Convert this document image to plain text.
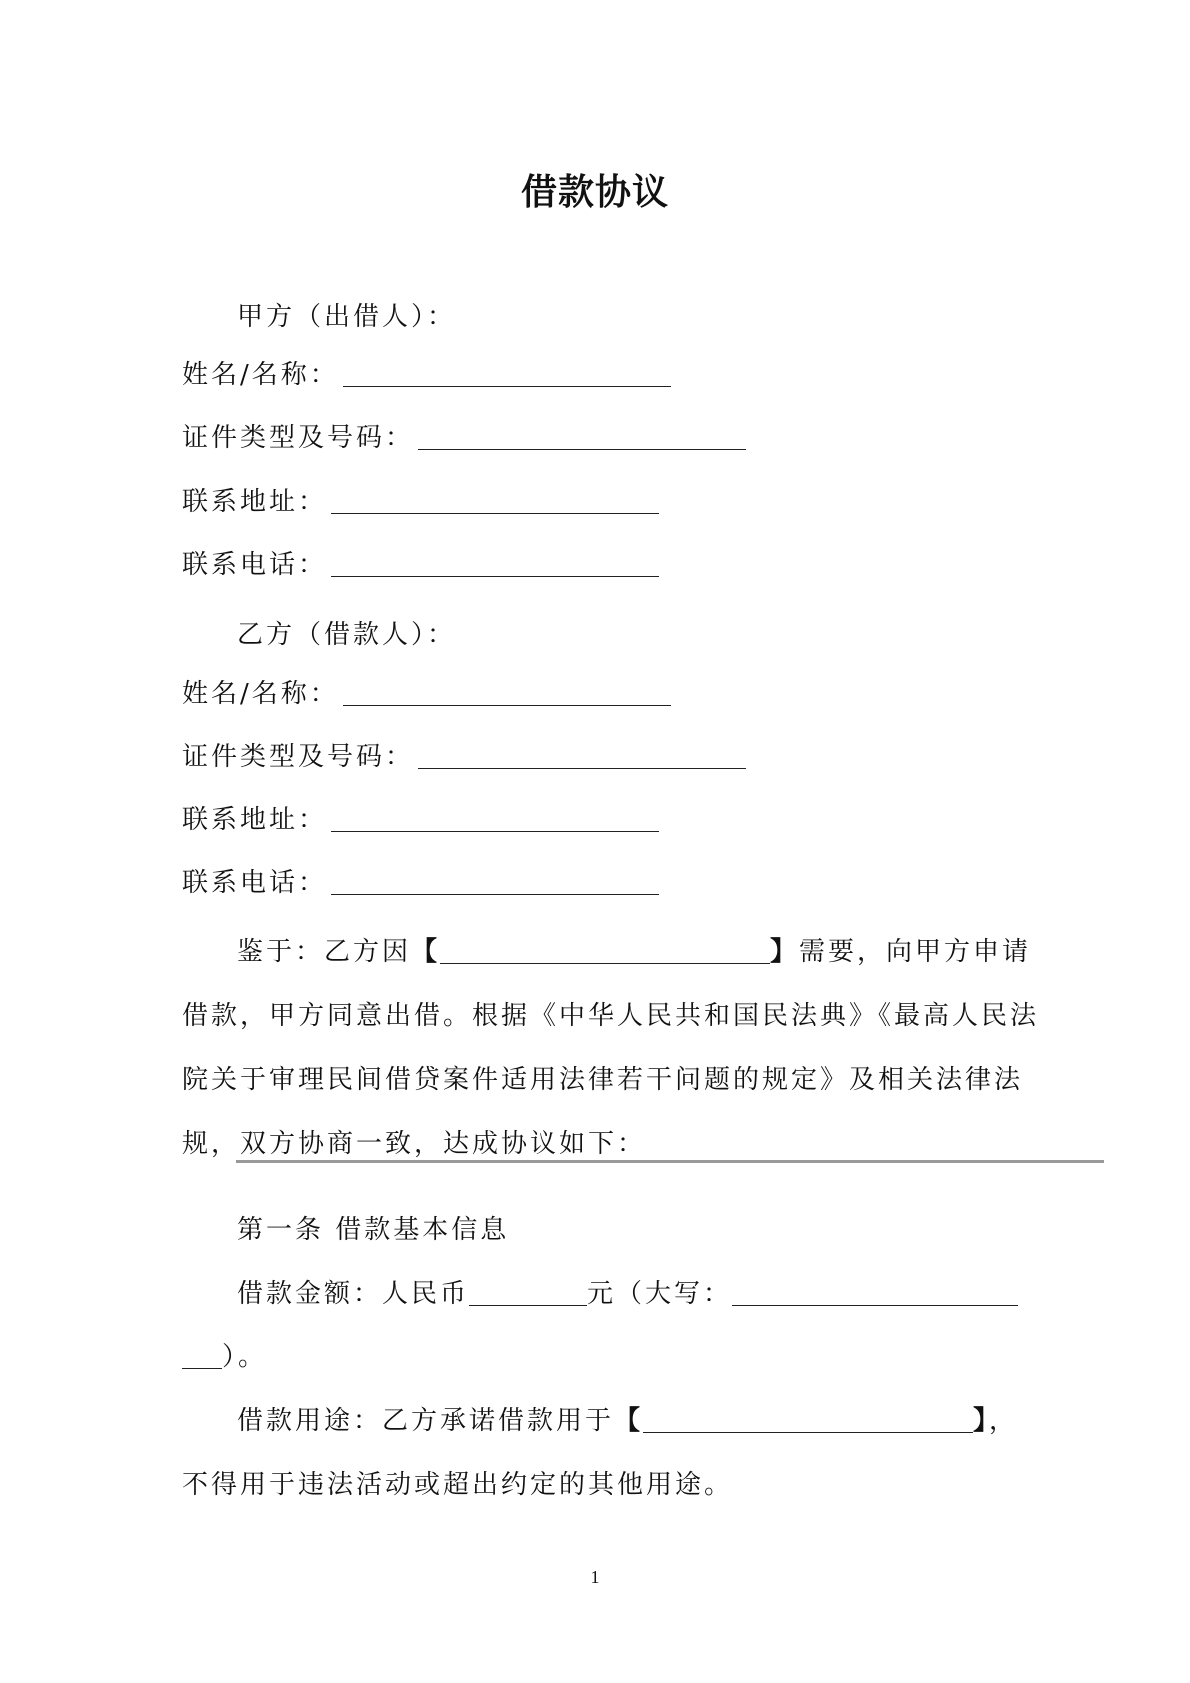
借款协议
甲方（出借人）：
姓名/名称：
证件类型及号码：
联系地址：
联系电话：
乙方（借款人）：
姓名/名称：
证件类型及号码：
联系地址：
联系电话：
鉴于：乙方因【	】需要，向甲方申请
借款，甲方同意出借。根据《中华人民共和国民法典》《最高人民法
院关于审理民间借贷案件适用法律若干问题的规定》及相关法律法
规，双方协商一致，达成协议如下：
第一条 借款基本信息
借款金额：人民币	元（大写：
）。
借款用途：乙方承诺借款用于【	】，
不得用于违法活动或超出约定的其他用途。
1
